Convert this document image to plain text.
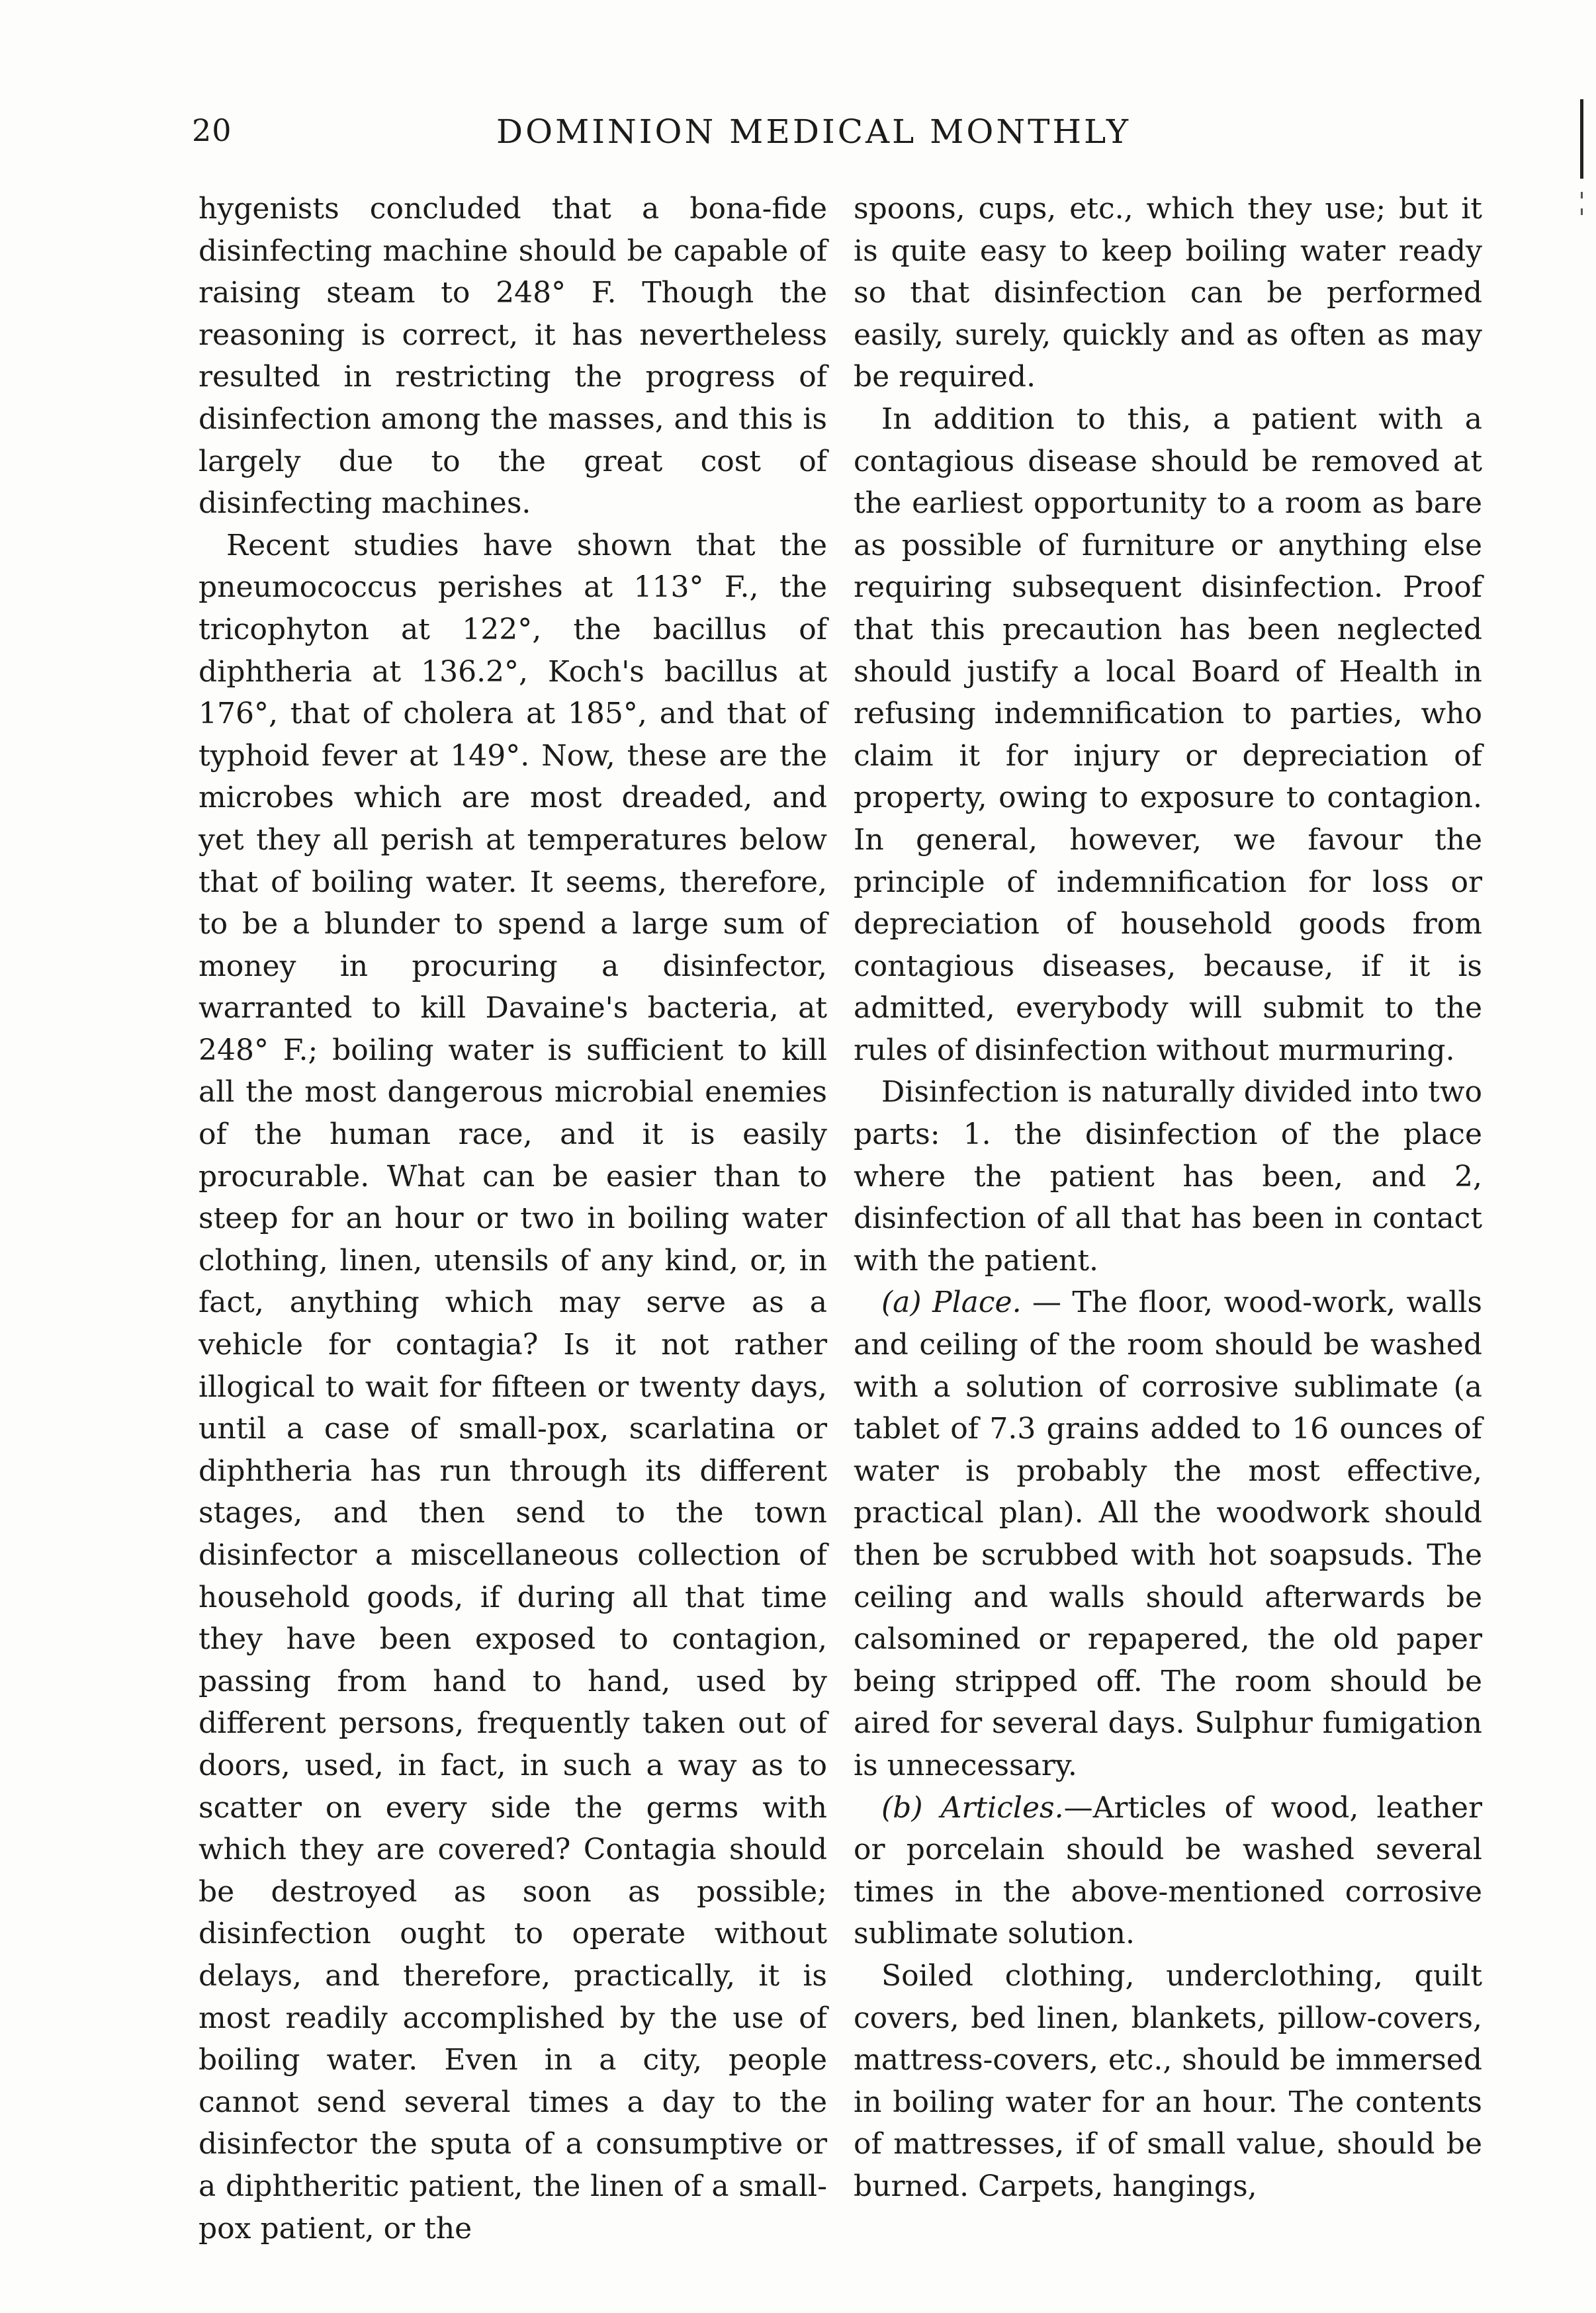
20	DOMINION MEDICAL MONTHLY

hygenists concluded that a bona-fide disinfecting machine should be capable of raising steam to 248° F. Though the reasoning is correct, it has nevertheless resulted in restricting the progress of disinfection among the masses, and this is largely due to the great cost of disinfecting machines.

Recent studies have shown that the pneumococcus perishes at 113° F., the tricophyton at 122°, the bacillus of diphtheria at 136.2°, Koch's bacillus at 176°, that of cholera at 185°, and that of typhoid fever at 149°. Now, these are the microbes which are most dreaded, and yet they all perish at temperatures below that of boiling water. It seems, therefore, to be a blunder to spend a large sum of money in procuring a disinfector, warranted to kill Davaine's bacteria, at 248° F.; boiling water is sufficient to kill all the most dangerous microbial enemies of the human race, and it is easily procurable. What can be easier than to steep for an hour or two in boiling water clothing, linen, utensils of any kind, or, in fact, anything which may serve as a vehicle for contagia? Is it not rather illogical to wait for fifteen or twenty days, until a case of small-pox, scarlatina or diphtheria has run through its different stages, and then send to the town disinfector a miscellaneous collection of household goods, if during all that time they have been exposed to contagion, passing from hand to hand, used by different persons, frequently taken out of doors, used, in fact, in such a way as to scatter on every side the germs with which they are covered? Contagia should be destroyed as soon as possible; disinfection ought to operate without delays, and therefore, practically, it is most readily accomplished by the use of boiling water. Even in a city, people cannot send several times a day to the disinfector the sputa of a consumptive or a diphtheritic patient, the linen of a small-pox patient, or the

spoons, cups, etc., which they use; but it is quite easy to keep boiling water ready so that disinfection can be performed easily, surely, quickly and as often as may be required.

In addition to this, a patient with a contagious disease should be removed at the earliest opportunity to a room as bare as possible of furniture or anything else requiring subsequent disinfection. Proof that this precaution has been neglected should justify a local Board of Health in refusing indemnification to parties, who claim it for injury or depreciation of property, owing to exposure to contagion. In general, however, we favour the principle of indemnification for loss or depreciation of household goods from contagious diseases, because, if it is admitted, everybody will submit to the rules of disinfection without murmuring.

Disinfection is naturally divided into two parts: 1. the disinfection of the place where the patient has been, and 2, disinfection of all that has been in contact with the patient.

(a) Place. — The floor, wood-work, walls and ceiling of the room should be washed with a solution of corrosive sublimate (a tablet of 7.3 grains added to 16 ounces of water is probably the most effective, practical plan). All the woodwork should then be scrubbed with hot soapsuds. The ceiling and walls should afterwards be calsomined or repapered, the old paper being stripped off. The room should be aired for several days. Sulphur fumigation is unnecessary.

(b) Articles.—Articles of wood, leather or porcelain should be washed several times in the above-mentioned corrosive sublimate solution.

Soiled clothing, underclothing, quilt covers, bed linen, blankets, pillow-covers, mattress-covers, etc., should be immersed in boiling water for an hour. The contents of mattresses, if of small value, should be burned. Carpets, hangings,
